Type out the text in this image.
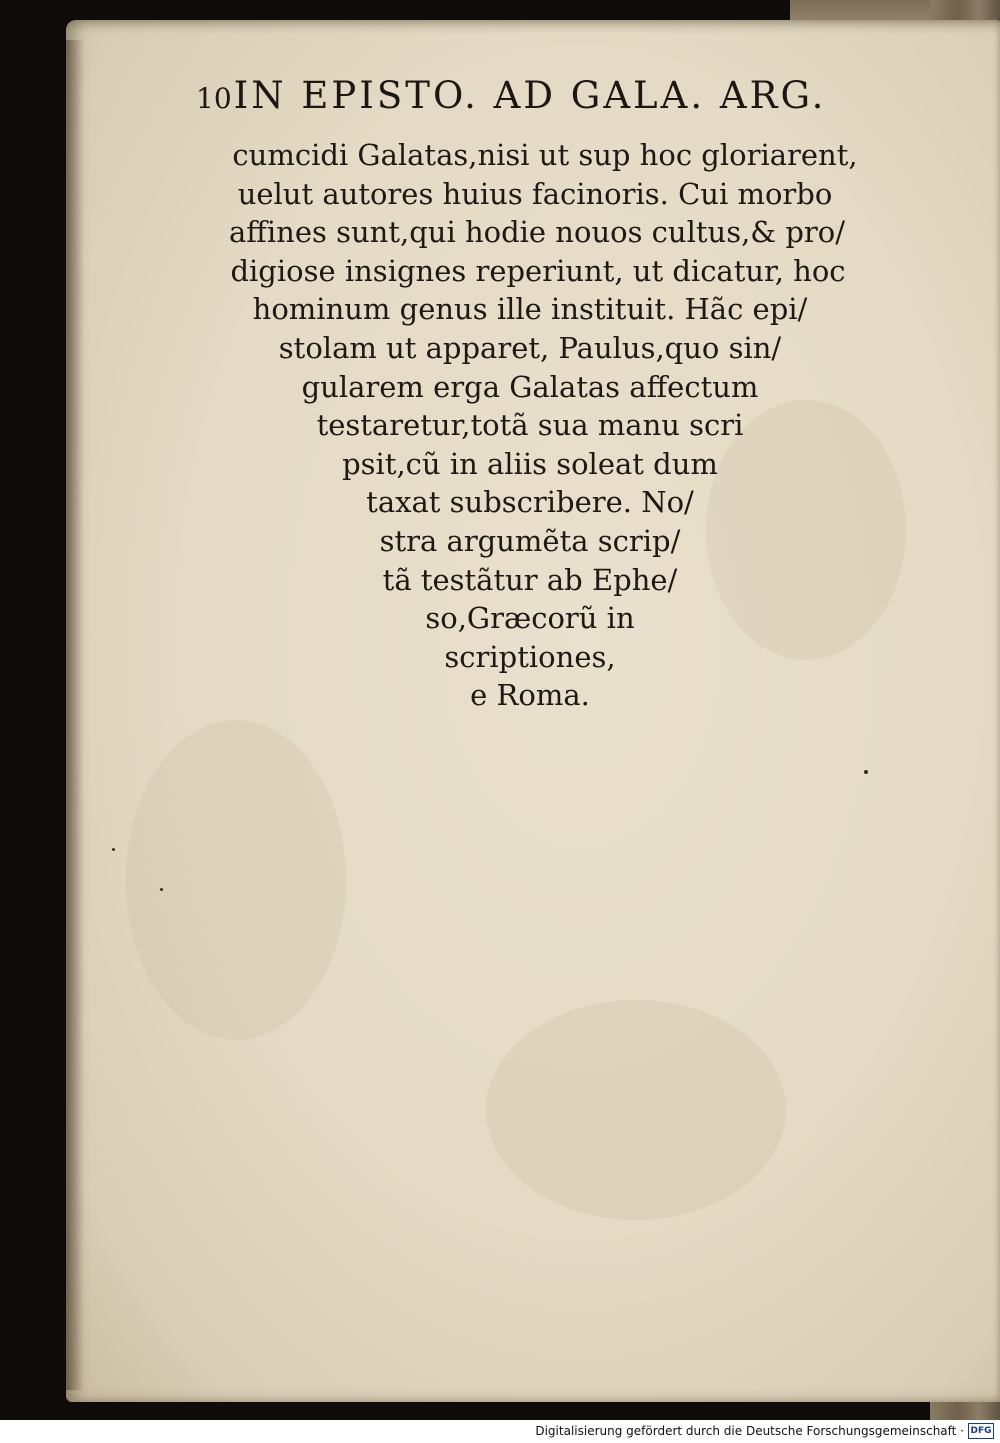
10IN EPISTO. AD GALA. ARG.
cumcidi Galatas,nisi ut sup hoc gloriarent,
uelut autores huius facinoris. Cui morbo
affines sunt,qui hodie nouos cultus,& pro/
digiose insignes reperiunt, ut dicatur, hoc
hominum genus ille instituit. Hãc epi/
stolam ut apparet, Paulus,quo sin/
gularem erga Galatas affectum
testaretur,totã sua manu scri
psit,cũ in aliis soleat dum
taxat subscribere. No/
stra argumẽta scrip/
tã testãtur ab Ephe/
so,Græcorũ in
scriptiones,
e Roma.
Digitalisierung gefördert durch die Deutsche Forschungsgemeinschaft · DFG
